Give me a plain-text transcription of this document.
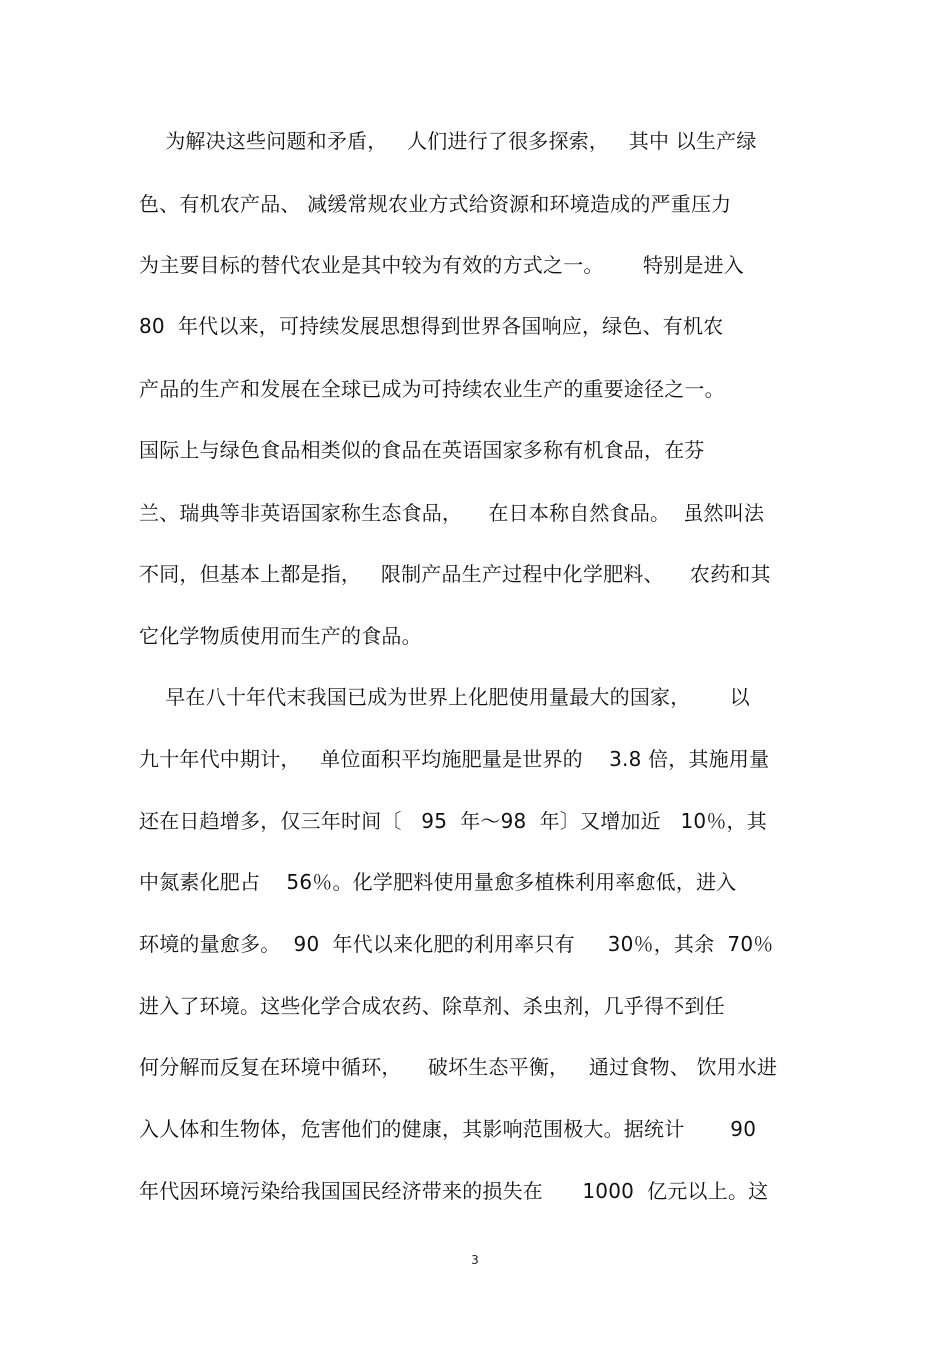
为解决这些问题和矛盾，   人们进行了很多探索，   其中 以生产绿
色、有机农产品、 减缓常规农业方式给资源和环境造成的严重压力
为主要目标的替代农业是其中较为有效的方式之一。      特别是进入
80  年代以来，可持续发展思想得到世界各国响应，绿色、有机农
产品的生产和发展在全球已成为可持续农业生产的重要途径之一。
国际上与绿色食品相类似的食品在英语国家多称有机食品，在芬
兰、瑞典等非英语国家称生态食品，    在日本称自然食品。  虽然叫法
不同，但基本上都是指，   限制产品生产过程中化学肥料、    农药和其
它化学物质使用而生产的食品。
早在八十年代末我国已成为世界上化肥使用量最大的国家，      以
九十年代中期计，   单位面积平均施肥量是世界的    3.8 倍，其施用量
还在日趋增多，仅三年时间〔   95  年～98  年〕又增加近   10％，其
中氮素化肥占    56％。化学肥料使用量愈多植株利用率愈低，进入
环境的量愈多。  90  年代以来化肥的利用率只有     30％，其余  70％
进入了环境。这些化学合成农药、除草剂、杀虫剂，几乎得不到任
何分解而反复在环境中循环，    破坏生态平衡，   通过食物、 饮用水进
入人体和生物体，危害他们的健康，其影响范围极大。据统计       90
年代因环境污染给我国国民经济带来的损失在      1000  亿元以上。这
3
